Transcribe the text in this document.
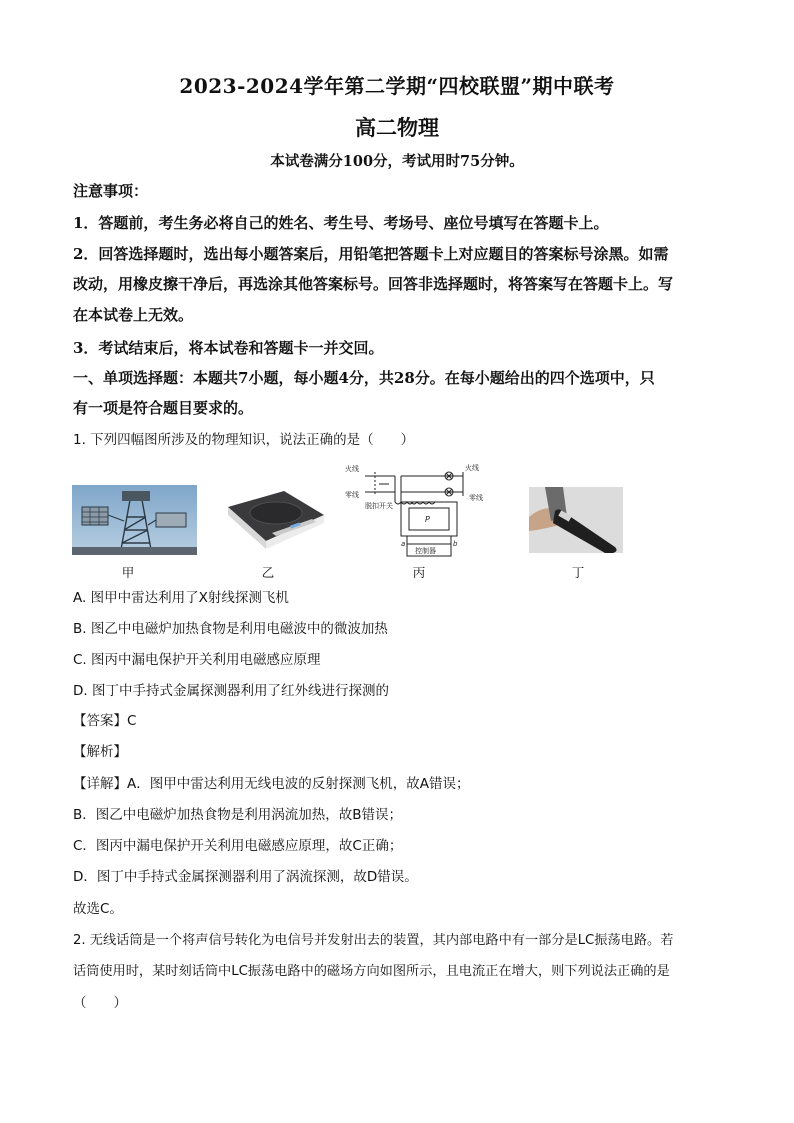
2023-2024学年第二学期“四校联盟”期中联考
高二物理
本试卷满分100分，考试用时75分钟。
注意事项：
1．答题前，考生务必将自己的姓名、考生号、考场号、座位号填写在答题卡上。
2．回答选择题时，选出每小题答案后，用铅笔把答题卡上对应题目的答案标号涂黑。如需
改动，用橡皮擦干净后，再选涂其他答案标号。回答非选择题时，将答案写在答题卡上。写
在本试卷上无效。
3．考试结束后，将本试卷和答题卡一并交回。
一、单项选择题：本题共7小题，每小题4分，共28分。在每小题给出的四个选项中，只
有一项是符合题目要求的。
1. 下列四幅图所涉及的物理知识，说法正确的是（　　）
火线
零线
脱扣开关
火线
零线
P
a	b
控制器
甲	乙	丙	丁
A. 图甲中雷达利用了X射线探测飞机
B. 图乙中电磁炉加热食物是利用电磁波中的微波加热
C. 图丙中漏电保护开关利用电磁感应原理
D. 图丁中手持式金属探测器利用了红外线进行探测的
【答案】C
【解析】
【详解】A．图甲中雷达利用无线电波的反射探测飞机，故A错误；
B．图乙中电磁炉加热食物是利用涡流加热，故B错误；
C．图丙中漏电保护开关利用电磁感应原理，故C正确；
D．图丁中手持式金属探测器利用了涡流探测，故D错误。
故选C。
2. 无线话筒是一个将声信号转化为电信号并发射出去的装置，其内部电路中有一部分是LC振荡电路。若
话筒使用时，某时刻话筒中LC振荡电路中的磁场方向如图所示，且电流正在增大，则下列说法正确的是
（　　）
